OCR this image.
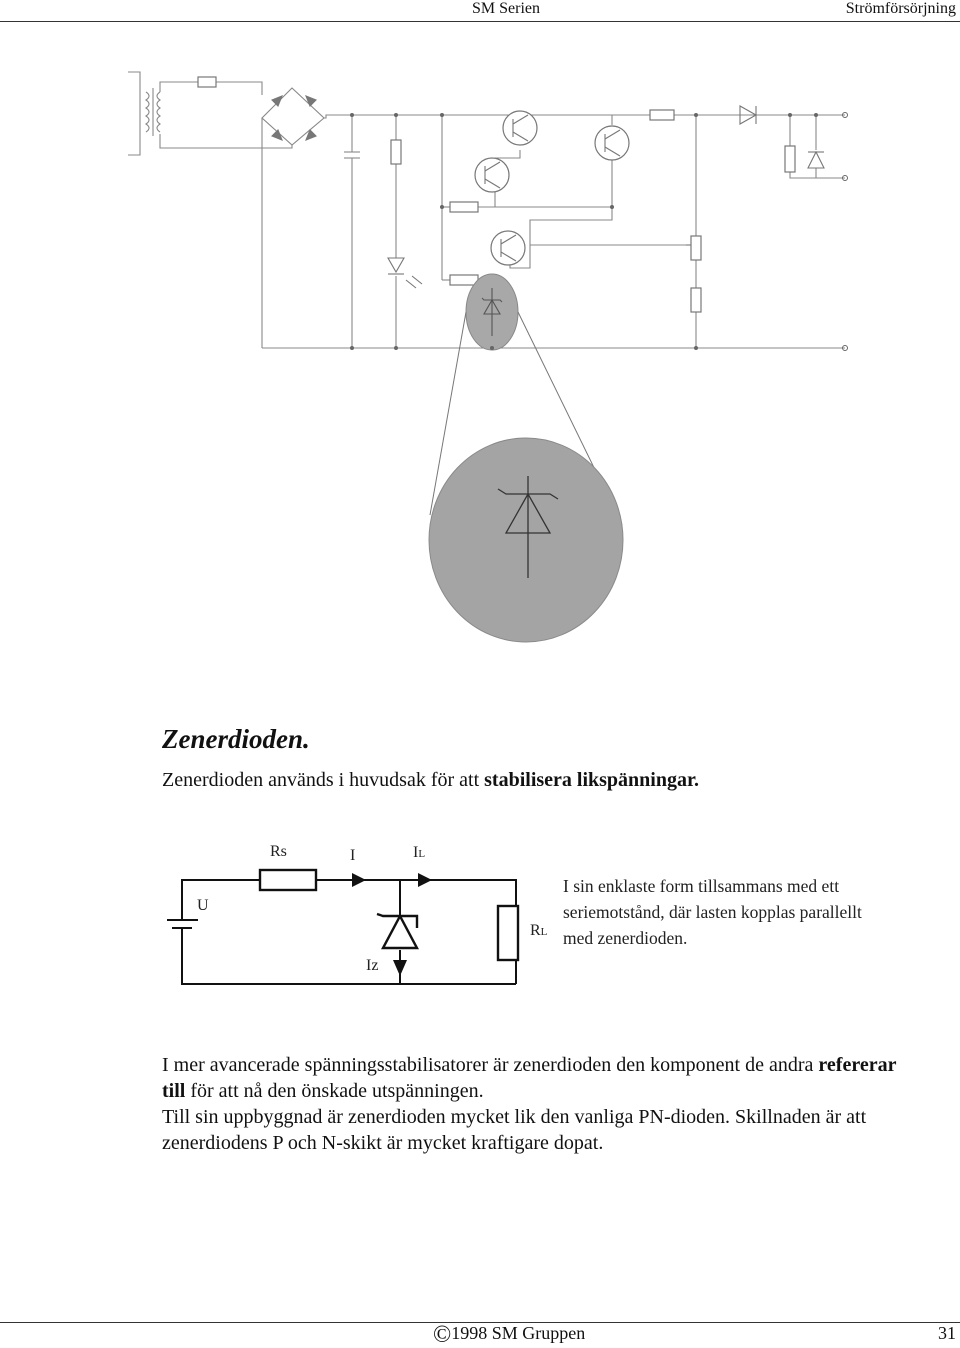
SM Serien	Strömförsörjning
Zenerdioden.

Zenerdioden används i huvudsak för att stabilisera likspänningar.

Rs	I	IL
U
RL
Iz

I sin enklaste form tillsammans med ett seriemotstånd, där lasten kopplas parallellt med zenerdioden.

I mer avancerade spänningsstabilisatorer är zenerdioden den komponent de andra refererar till för att nå den önskade utspänningen.

Till sin uppbyggnad är zenerdioden mycket lik den vanliga PN-dioden. Skillnaden är att zenerdiodens P och N-skikt är mycket kraftigare dopat.

©1998 SM Gruppen	31
